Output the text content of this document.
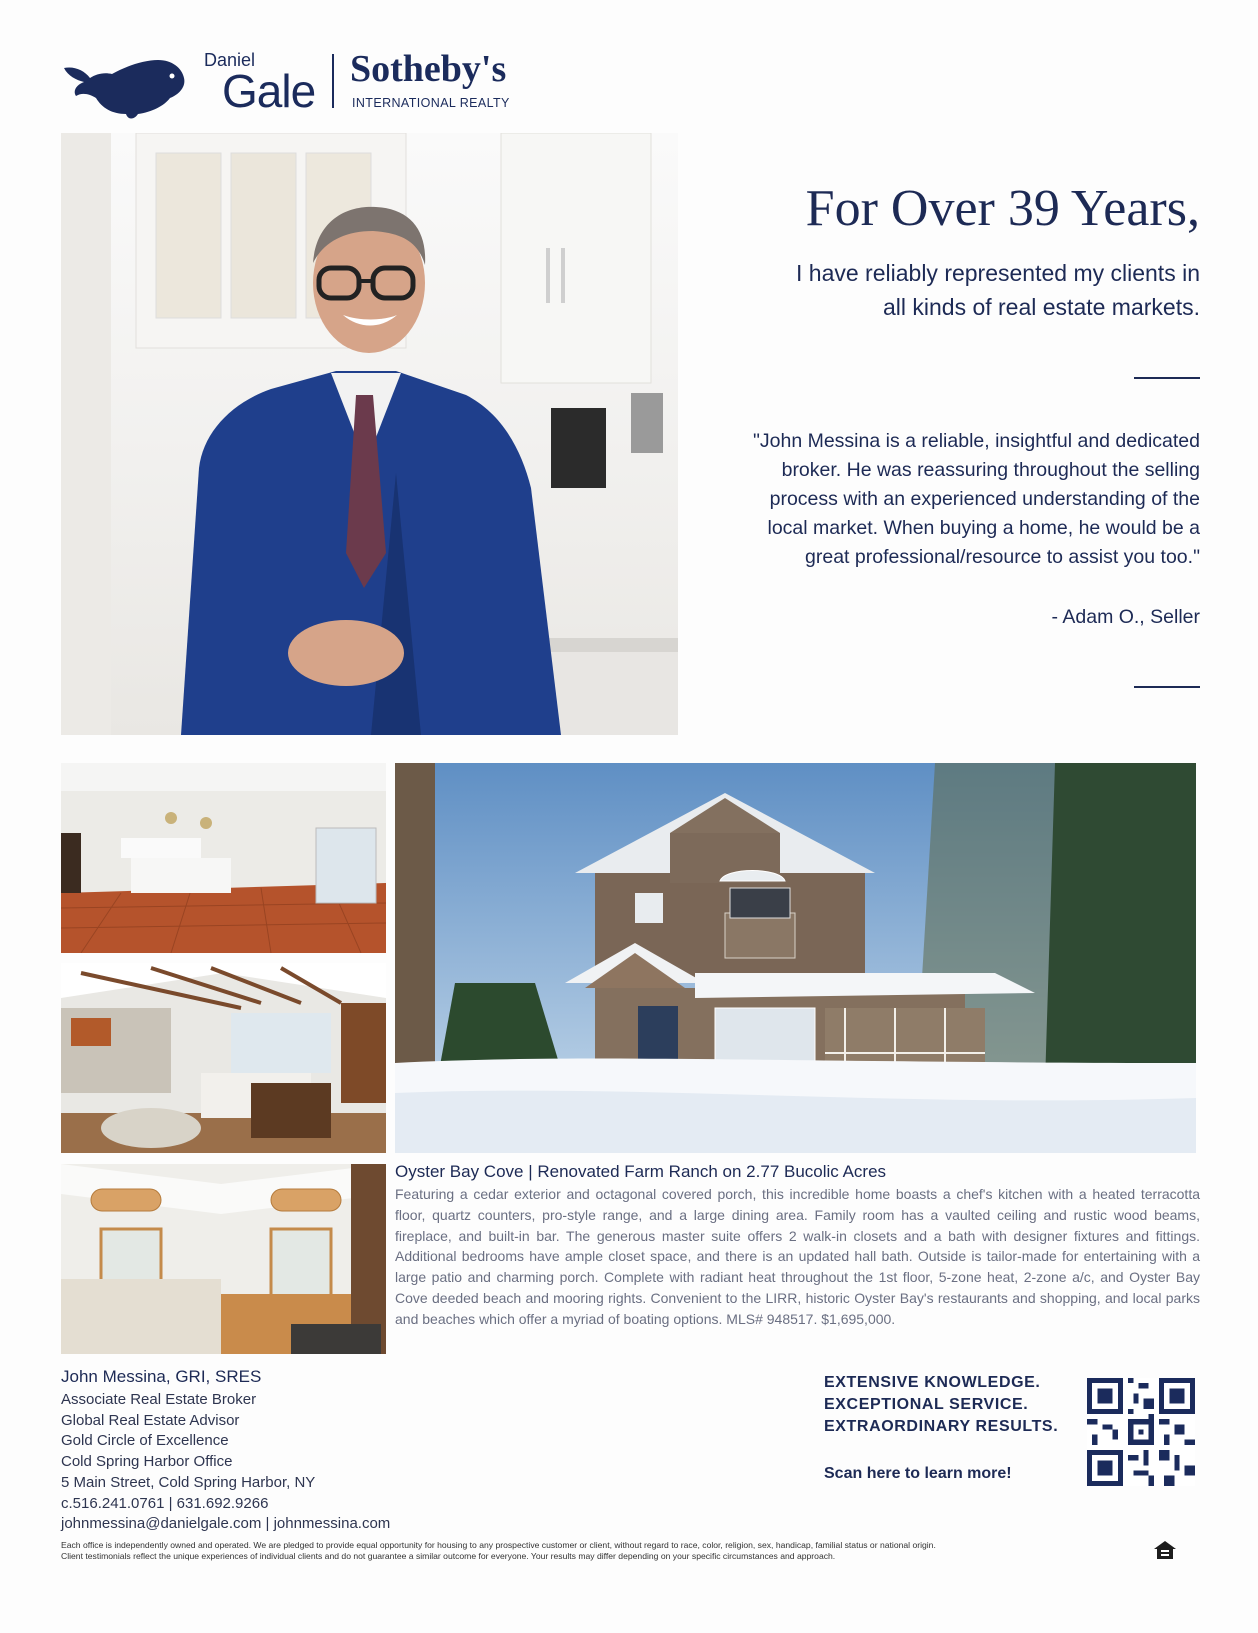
Daniel
Gale Sotheby's
INTERNATIONAL REALTY
For Over 39 Years,
I have reliably represented my clients in
all kinds of real estate markets.
"John Messina is a reliable, insightful and dedicated
broker. He was reassuring throughout the selling
process with an experienced understanding of the
local market. When buying a home, he would be a
great professional/resource to assist you too."
- Adam O., Seller
Oyster Bay Cove | Renovated Farm Ranch on 2.77 Bucolic Acres
Featuring a cedar exterior and octagonal covered porch, this incredible home boasts a chef's kitchen with a heated terracotta floor, quartz counters, pro-style range, and a large dining area. Family room has a vaulted ceiling and rustic wood beams, fireplace, and built-in bar. The generous master suite offers 2 walk-in closets and a bath with designer fixtures and fittings. Additional bedrooms have ample closet space, and there is an updated hall bath. Outside is tailor-made for entertaining with a large patio and charming porch. Complete with radiant heat throughout the 1st floor, 5-zone heat, 2-zone a/c, and Oyster Bay Cove deeded beach and mooring rights. Convenient to the LIRR, historic Oyster Bay's restaurants and shopping, and local parks and beaches which offer a myriad of boating options. MLS# 948517. $1,695,000.
John Messina, GRI, SRES
Associate Real Estate Broker
Global Real Estate Advisor
Gold Circle of Excellence
Cold Spring Harbor Office
5 Main Street, Cold Spring Harbor, NY
c.516.241.0761 | 631.692.9266
johnmessina@danielgale.com | johnmessina.com
EXTENSIVE KNOWLEDGE.
EXCEPTIONAL SERVICE.
EXTRAORDINARY RESULTS.
Scan here to learn more!
Each office is independently owned and operated. We are pledged to provide equal opportunity for housing to any prospective customer or client, without regard to race, color, religion, sex, handicap, familial status or national origin.
Client testimonials reflect the unique experiences of individual clients and do not guarantee a similar outcome for everyone. Your results may differ depending on your specific circumstances and approach.
